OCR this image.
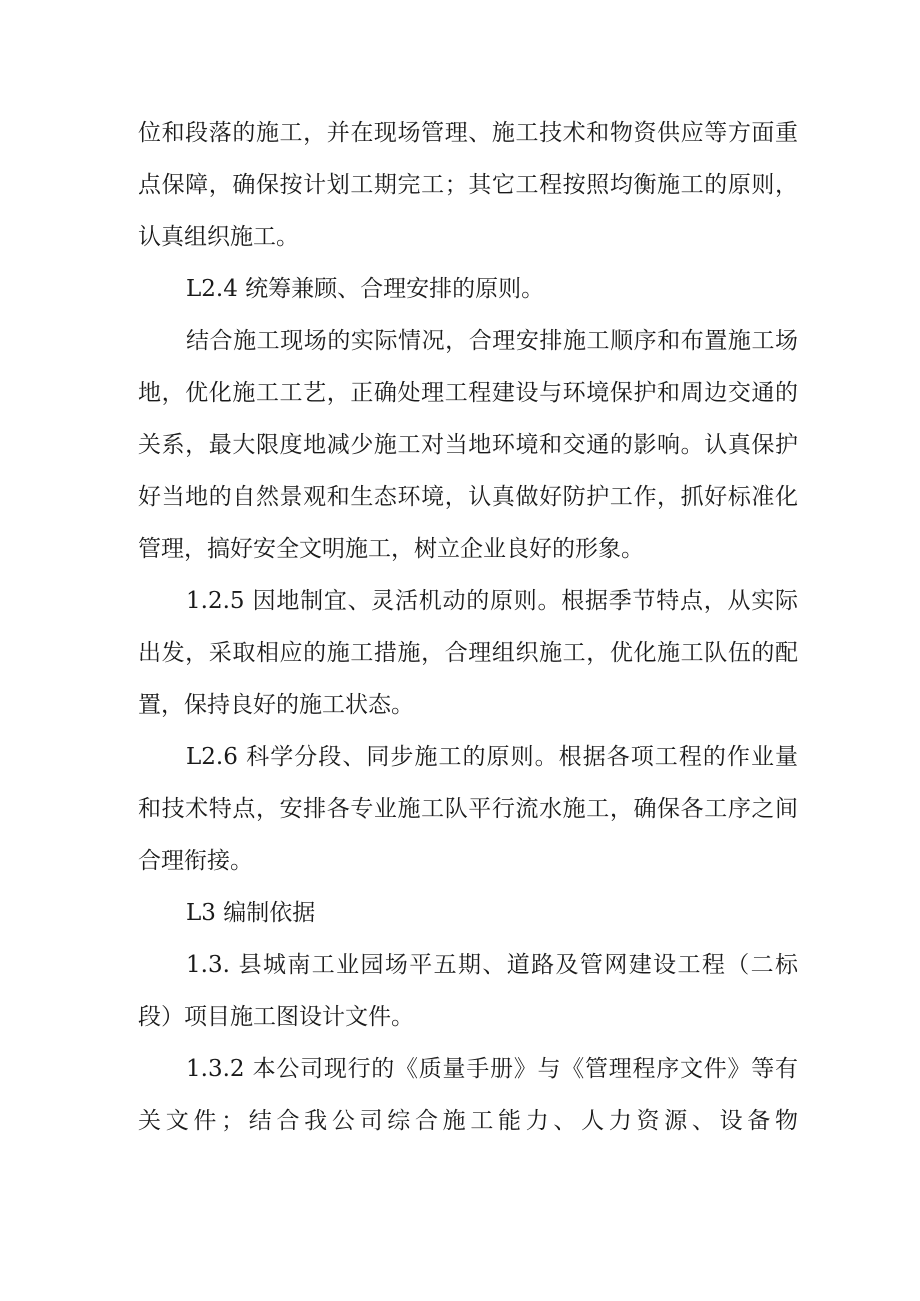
位和段落的施工，并在现场管理、施工技术和物资供应等方面重
点保障，确保按计划工期完工；其它工程按照均衡施工的原则，
认真组织施工。
L2.4 统筹兼顾、合理安排的原则。
结合施工现场的实际情况，合理安排施工顺序和布置施工场
地，优化施工工艺，正确处理工程建设与环境保护和周边交通的
关系，最大限度地减少施工对当地环境和交通的影响。认真保护
好当地的自然景观和生态环境，认真做好防护工作，抓好标准化
管理，搞好安全文明施工，树立企业良好的形象。
1.2.5 因地制宜、灵活机动的原则。根据季节特点，从实际
出发，采取相应的施工措施，合理组织施工，优化施工队伍的配
置，保持良好的施工状态。
L2.6 科学分段、同步施工的原则。根据各项工程的作业量
和技术特点，安排各专业施工队平行流水施工，确保各工序之间
合理衔接。
L3 编制依据
1.3. 县城南工业园场平五期、道路及管网建设工程（二标
段）项目施工图设计文件。
1.3.2 本公司现行的《质量手册》与《管理程序文件》等有
关文件；结合我公司综合施工能力、人力资源、设备物
